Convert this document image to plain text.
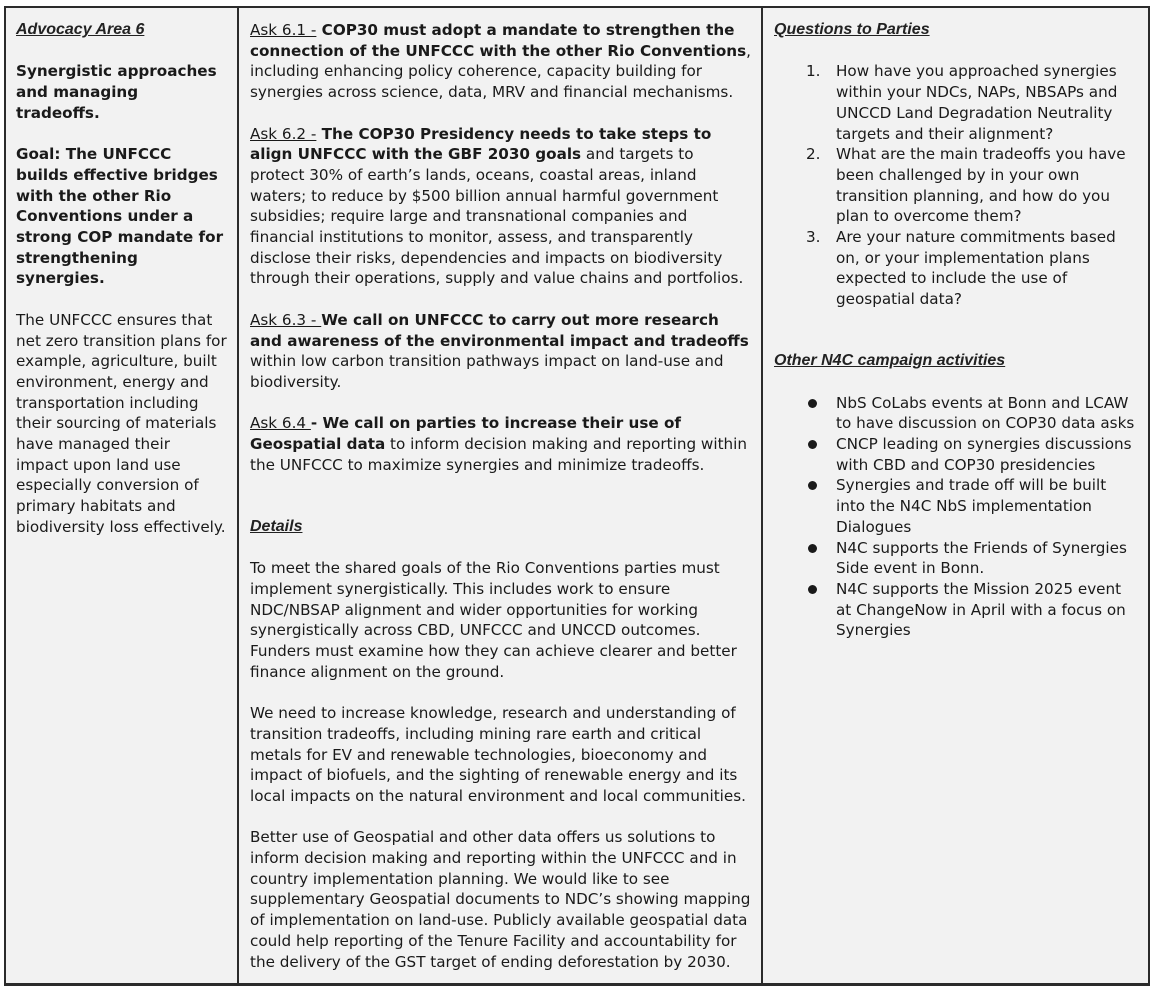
Advocacy Area 6

Synergistic approaches and managing tradeoffs.

Goal: The UNFCCC builds effective bridges with the other Rio Conventions under a strong COP mandate for strengthening synergies.

The UNFCCC ensures that net zero transition plans for example, agriculture, built environment, energy and transportation including their sourcing of materials have managed their impact upon land use especially conversion of primary habitats and biodiversity loss effectively.

Ask 6.1 - COP30 must adopt a mandate to strengthen the connection of the UNFCCC with the other Rio Conventions, including enhancing policy coherence, capacity building for synergies across science, data, MRV and financial mechanisms.

Ask 6.2 - The COP30 Presidency needs to take steps to align UNFCCC with the GBF 2030 goals and targets to protect 30% of earth’s lands, oceans, coastal areas, inland waters; to reduce by $500 billion annual harmful government subsidies; require large and transnational companies and financial institutions to monitor, assess, and transparently disclose their risks, dependencies and impacts on biodiversity through their operations, supply and value chains and portfolios.

Ask 6.3 - We call on UNFCCC to carry out more research and awareness of the environmental impact and tradeoffs within low carbon transition pathways impact on land-use and biodiversity.

Ask 6.4 - We call on parties to increase their use of Geospatial data to inform decision making and reporting within the UNFCCC to maximize synergies and minimize tradeoffs.

Details

To meet the shared goals of the Rio Conventions parties must implement synergistically. This includes work to ensure NDC/NBSAP alignment and wider opportunities for working synergistically across CBD, UNFCCC and UNCCD outcomes. Funders must examine how they can achieve clearer and better finance alignment on the ground.

We need to increase knowledge, research and understanding of transition tradeoffs, including mining rare earth and critical metals for EV and renewable technologies, bioeconomy and impact of biofuels, and the sighting of renewable energy and its local impacts on the natural environment and local communities.

Better use of Geospatial and other data offers us solutions to inform decision making and reporting within the UNFCCC and in country implementation planning. We would like to see supplementary Geospatial documents to NDC’s showing mapping of implementation on land-use. Publicly available geospatial data could help reporting of the Tenure Facility and accountability for the delivery of the GST target of ending deforestation by 2030.

Questions to Parties

1. How have you approached synergies within your NDCs, NAPs, NBSAPs and UNCCD Land Degradation Neutrality targets and their alignment?
2. What are the main tradeoffs you have been challenged by in your own transition planning, and how do you plan to overcome them?
3. Are your nature commitments based on, or your implementation plans expected to include the use of geospatial data?

Other N4C campaign activities

NbS CoLabs events at Bonn and LCAW to have discussion on COP30 data asks
CNCP leading on synergies discussions with CBD and COP30 presidencies
Synergies and trade off will be built into the N4C NbS implementation Dialogues
N4C supports the Friends of Synergies Side event in Bonn.
N4C supports the Mission 2025 event at ChangeNow in April with a focus on Synergies
